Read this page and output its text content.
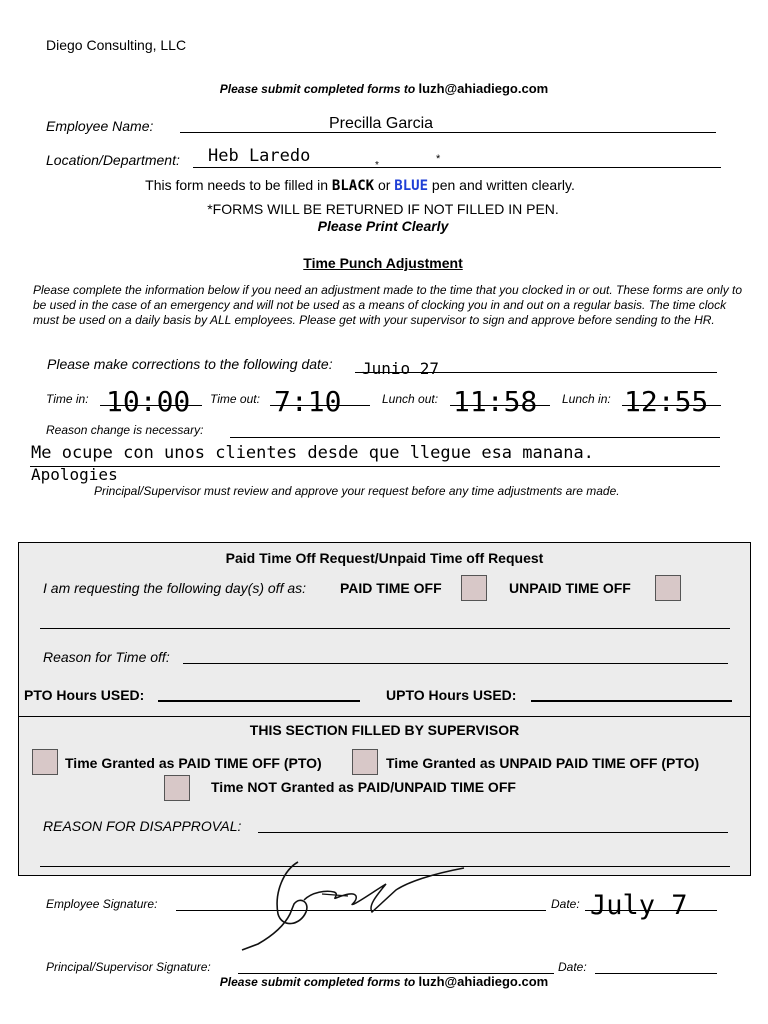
Diego Consulting, LLC
Please submit completed forms to luzh@ahiadiego.com
Employee Name:	Precilla Garcia
Location/Department: Heb Laredo	*
*
This form needs to be filled in BLACK or BLUE pen and written clearly.
*FORMS WILL BE RETURNED IF NOT FILLED IN PEN.
Please Print Clearly
Time Punch Adjustment
Please complete the information below if you need an adjustment made to the time that you clocked in or out. These forms are only to be used in the case of an emergency and will not be used as a means of clocking you in and out on a regular basis. The time clock must be used on a daily basis by ALL employees. Please get with your supervisor to sign and approve before sending to the HR.
Please make corrections to the following date: Junio 27
Time in: 10:00 Time out: 7:10	Lunch out: 11:58 Lunch in: 12:55
Reason change is necessary:
Me ocupe con unos clientes desde que llegue esa manana.
Apologies
Principal/Supervisor must review and approve your request before any time adjustments are made.
Paid Time Off Request/Unpaid Time off Request
I am requesting the following day(s) off as: PAID TIME OFF	UNPAID TIME OFF
Reason for Time off:
PTO Hours USED:	UPTO Hours USED:
THIS SECTION FILLED BY SUPERVISOR
Time Granted as PAID TIME OFF (PTO)	Time Granted as UNPAID PAID TIME OFF (PTO)
Time NOT Granted as PAID/UNPAID TIME OFF
REASON FOR DISAPPROVAL:
Employee Signature:	Date: July 7
Principal/Supervisor Signature:	Date:
Please submit completed forms to luzh@ahiadiego.com
